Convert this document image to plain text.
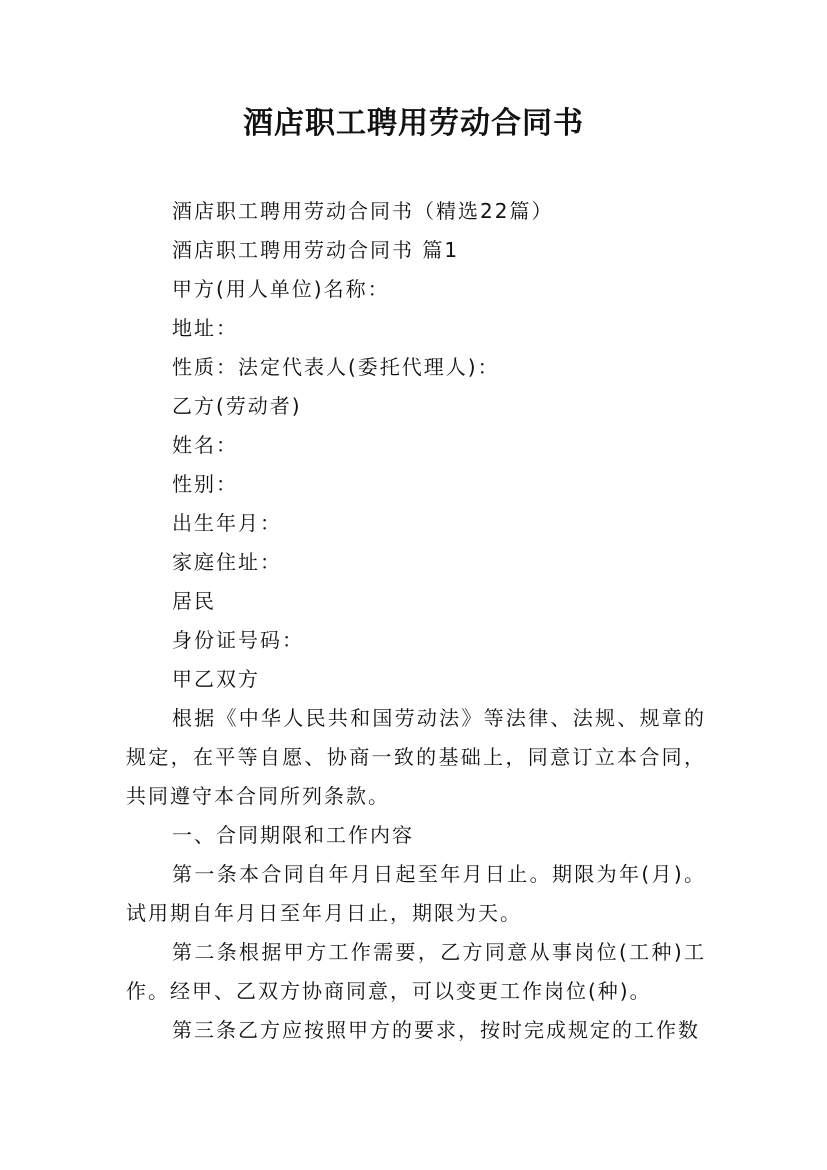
酒店职工聘用劳动合同书

酒店职工聘用劳动合同书（精选22篇）

酒店职工聘用劳动合同书 篇1

甲方(用人单位)名称：

地址：

性质：法定代表人(委托代理人)：

乙方(劳动者)

姓名：

性别：

出生年月：

家庭住址：

居民

身份证号码：

甲乙双方

根据《中华人民共和国劳动法》等法律、法规、规章的规定，在平等自愿、协商一致的基础上，同意订立本合同，共同遵守本合同所列条款。

一、合同期限和工作内容

第一条本合同自年月日起至年月日止。期限为年(月)。试用期自年月日至年月日止，期限为天。

第二条根据甲方工作需要，乙方同意从事岗位(工种)工作。经甲、乙双方协商同意，可以变更工作岗位(种)。

第三条乙方应按照甲方的要求，按时完成规定的工作数
